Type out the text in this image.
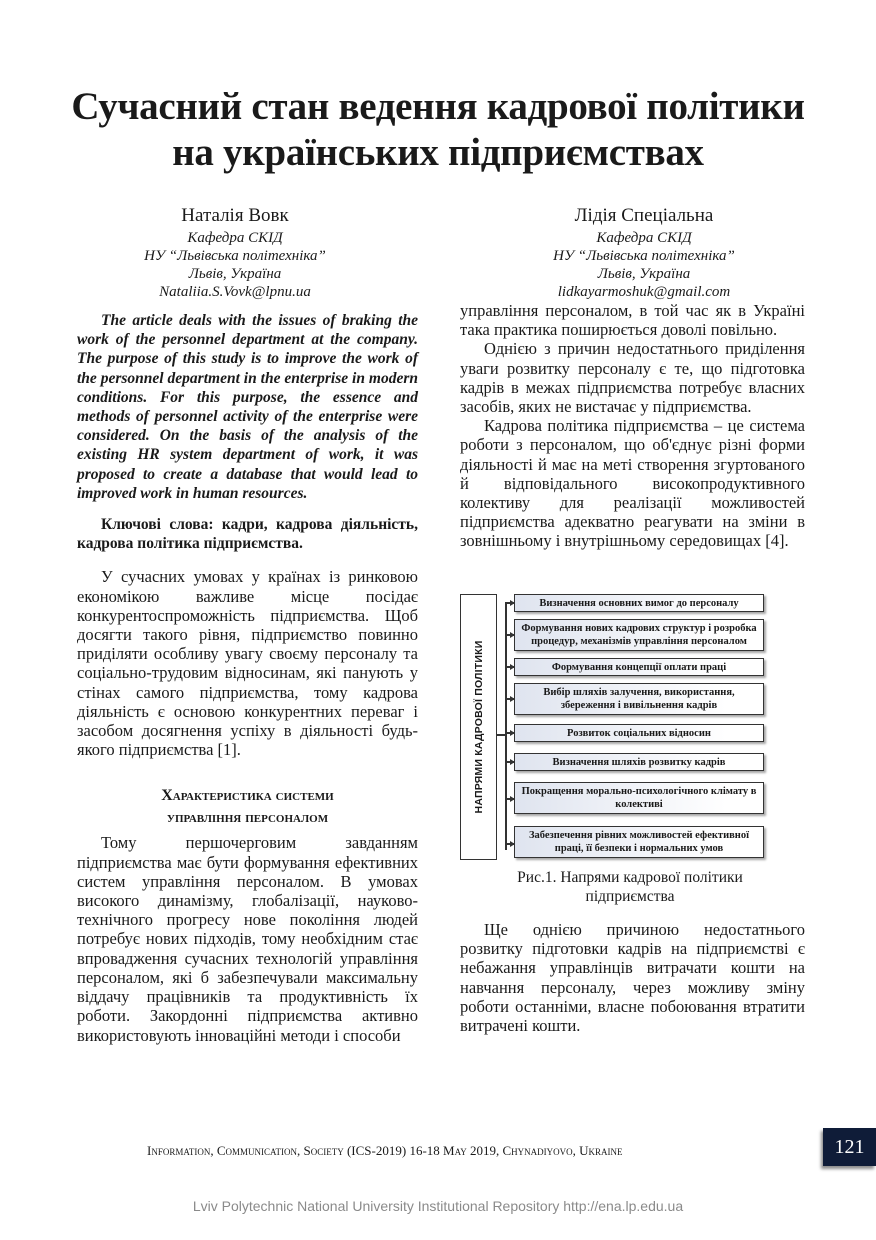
Сучасний стан ведення кадрової політики
на українських підприємствах
Наталія Вовк
Кафедра СКІД
НУ “Львівська політехніка”
Львів, Україна
Nataliia.S.Vovk@lpnu.ua
Лідія Спеціальна
Кафедра СКІД
НУ “Львівська політехніка”
Львів, Україна
lidkayarmoshuk@gmail.com

The article deals with the issues of braking the work of the personnel department at the company. The purpose of this study is to improve the work of the personnel department in the enterprise in modern conditions. For this purpose, the essence and methods of personnel activity of the enterprise were considered. On the basis of the analysis of the existing HR system department of work, it was proposed to create a database that would lead to improved work in human resources.

Ключові слова: кадри, кадрова діяльність, кадрова політика підприємства.

У сучасних умовах у країнах із ринковою економікою важливе місце посідає конкурентоспроможність підприємства. Щоб досягти такого рівня, підприємство повинно приділяти особливу увагу своєму персоналу та соціально-трудовим відносинам, які панують у стінах самого підприємства, тому кадрова діяльність є основою конкурентних переваг і засобом досягнення успіху в діяльності будь-якого підприємства [1].

Характеристика системи

управління персоналом

Тому першочерговим завданням підприємства має бути формування ефективних систем управління персоналом. В умовах високого динамізму, глобалізації, науково-технічного прогресу нове покоління людей потребує нових підходів, тому необхідним стає впровадження сучасних технологій управління персоналом, які б забезпечували максимальну віддачу працівників та продуктивність їх роботи. Закордонні підприємства активно використовують інноваційні методи і способи

управління персоналом, в той час як в Україні така практика поширюється доволі повільно.

Однією з причин недостатнього приділення уваги розвитку персоналу є те, що підготовка кадрів в межах підприємства потребує власних засобів, яких не вистачає у підприємства.

Кадрова політика підприємства – це система роботи з персоналом, що об'єднує різні форми діяльності й має на меті створення згуртованого й відповідального високопродуктивного колективу для реалізації можливостей підприємства адекватно реагувати на зміни в зовнішньому і внутрішньому середовищах [4].

НАПРЯМИ КАДРОВОЇ ПОЛІТИКИ
Визначення основних вимог до персоналу
Формування нових кадрових структур і розробка процедур, механізмів управління персоналом
Формування концепції оплати праці
Вибір шляхів залучення, використання, збереження і вивільнення кадрів
Розвиток соціальних відносин
Визначення шляхів розвитку кадрів
Покращення морально-психологічного клімату в колективі
Забезпечення рівних можливостей ефективної праці, її безпеки і нормальних умов
Рис.1. Напрями кадрової політики
підприємства

Ще однією причиною недостатнього розвитку підготовки кадрів на підприємстві є небажання управлінців витрачати кошти на навчання персоналу, через можливу зміну роботи останніми, власне побоювання втратити витрачені кошти.

Information, Communication, Society (ICS-2019) 16-18 May 2019, Chynadiyovo, Ukraine	121
Lviv Polytechnic National University Institutional Repository http://ena.lp.edu.ua
